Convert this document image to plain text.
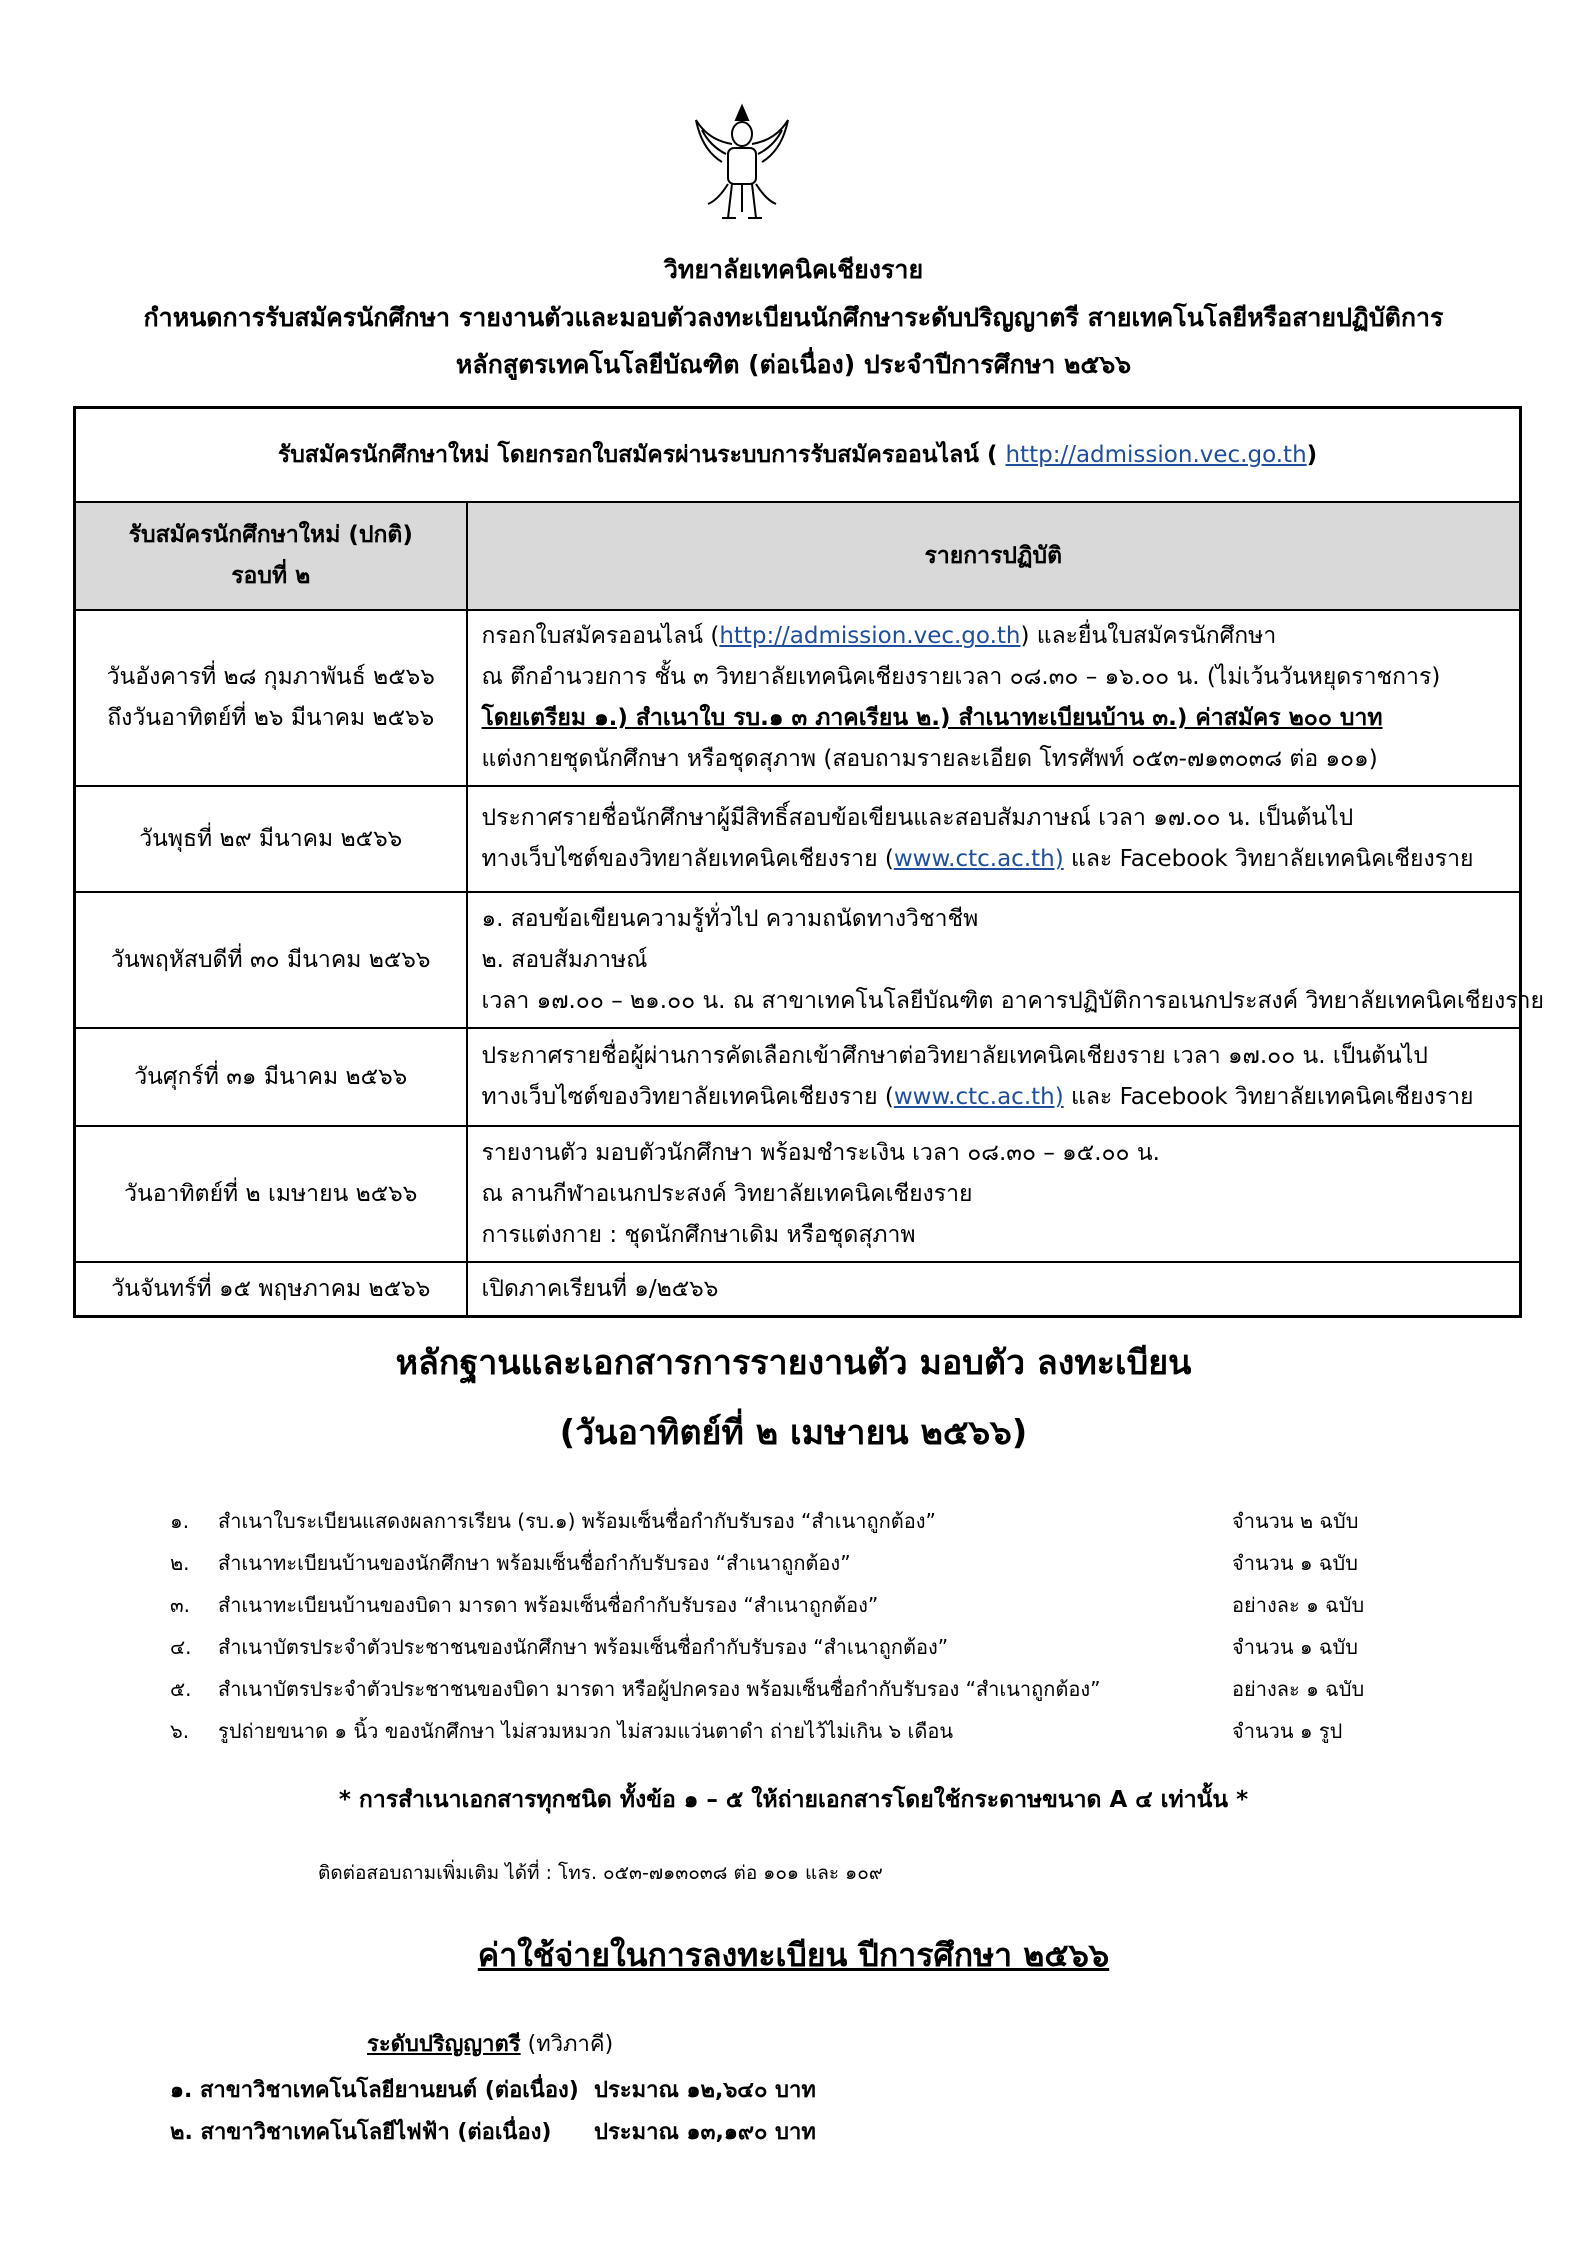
วิทยาลัยเทคนิคเชียงราย
กำหนดการรับสมัครนักศึกษา รายงานตัวและมอบตัวลงทะเบียนนักศึกษาระดับปริญญาตรี สายเทคโนโลยีหรือสายปฏิบัติการ
หลักสูตรเทคโนโลยีบัณฑิต (ต่อเนื่อง) ประจำปีการศึกษา ๒๕๖๖
รับสมัครนักศึกษาใหม่ โดยกรอกใบสมัครผ่านระบบการรับสมัครออนไลน์ ( http://admission.vec.go.th)	

รับสมัครนักศึกษาใหม่ (ปกติ)
รอบที่ ๒	รายการปฏิบัติ

วันอังคารที่ ๒๘ กุมภาพันธ์ ๒๕๖๖
ถึงวันอาทิตย์ที่ ๒๖ มีนาคม ๒๕๖๖	กรอกใบสมัครออนไลน์ (http://admission.vec.go.th) และยื่นใบสมัครนักศึกษา
ณ ตึกอำนวยการ ชั้น ๓ วิทยาลัยเทคนิคเชียงรายเวลา ๐๘.๓๐ – ๑๖.๐๐ น. (ไม่เว้นวันหยุดราชการ)
โดยเตรียม ๑.) สำเนาใบ รบ.๑ ๓ ภาคเรียน ๒.) สำเนาทะเบียนบ้าน ๓.) ค่าสมัคร ๒๐๐ บาท
แต่งกายชุดนักศึกษา หรือชุดสุภาพ (สอบถามรายละเอียด โทรศัพท์ ๐๕๓-๗๑๓๐๓๘ ต่อ ๑๐๑)

วันพุธที่ ๒๙ มีนาคม ๒๕๖๖	ประกาศรายชื่อนักศึกษาผู้มีสิทธิ์สอบข้อเขียนและสอบสัมภาษณ์ เวลา ๑๗.๐๐ น. เป็นต้นไป
ทางเว็บไซต์ของวิทยาลัยเทคนิคเชียงราย (www.ctc.ac.th) และ Facebook วิทยาลัยเทคนิคเชียงราย

วันพฤหัสบดีที่ ๓๐ มีนาคม ๒๕๖๖	๑. สอบข้อเขียนความรู้ทั่วไป ความถนัดทางวิชาชีพ
๒. สอบสัมภาษณ์
เวลา ๑๗.๐๐ – ๒๑.๐๐ น. ณ สาขาเทคโนโลยีบัณฑิต อาคารปฏิบัติการอเนกประสงค์ วิทยาลัยเทคนิคเชียงราย

วันศุกร์ที่ ๓๑ มีนาคม ๒๕๖๖	ประกาศรายชื่อผู้ผ่านการคัดเลือกเข้าศึกษาต่อวิทยาลัยเทคนิคเชียงราย เวลา ๑๗.๐๐ น. เป็นต้นไป
ทางเว็บไซต์ของวิทยาลัยเทคนิคเชียงราย (www.ctc.ac.th) และ Facebook วิทยาลัยเทคนิคเชียงราย

วันอาทิตย์ที่ ๒ เมษายน ๒๕๖๖	รายงานตัว มอบตัวนักศึกษา พร้อมชำระเงิน เวลา ๐๘.๓๐ – ๑๕.๐๐ น.
ณ ลานกีฬาอเนกประสงค์ วิทยาลัยเทคนิคเชียงราย
การแต่งกาย : ชุดนักศึกษาเดิม หรือชุดสุภาพ

วันจันทร์ที่ ๑๕ พฤษภาคม ๒๕๖๖	เปิดภาคเรียนที่ ๑/๒๕๖๖
หลักฐานและเอกสารการรายงานตัว มอบตัว ลงทะเบียน
(วันอาทิตย์ที่ ๒ เมษายน ๒๕๖๖)
๑. สำเนาใบระเบียนแสดงผลการเรียน (รบ.๑) พร้อมเซ็นชื่อกำกับรับรอง “สำเนาถูกต้อง”	จำนวน ๒ ฉบับ
๒. สำเนาทะเบียนบ้านของนักศึกษา พร้อมเซ็นชื่อกำกับรับรอง “สำเนาถูกต้อง”	จำนวน ๑ ฉบับ
๓. สำเนาทะเบียนบ้านของบิดา มารดา พร้อมเซ็นชื่อกำกับรับรอง “สำเนาถูกต้อง”	อย่างละ ๑ ฉบับ
๔. สำเนาบัตรประจำตัวประชาชนของนักศึกษา พร้อมเซ็นชื่อกำกับรับรอง “สำเนาถูกต้อง”	จำนวน ๑ ฉบับ
๕. สำเนาบัตรประจำตัวประชาชนของบิดา มารดา หรือผู้ปกครอง พร้อมเซ็นชื่อกำกับรับรอง “สำเนาถูกต้อง”	อย่างละ ๑ ฉบับ
๖. รูปถ่ายขนาด ๑ นิ้ว ของนักศึกษา ไม่สวมหมวก ไม่สวมแว่นตาดำ ถ่ายไว้ไม่เกิน ๖ เดือน	จำนวน ๑ รูป
* การสำเนาเอกสารทุกชนิด ทั้งข้อ ๑ – ๕ ให้ถ่ายเอกสารโดยใช้กระดาษขนาด A ๔ เท่านั้น *
ติดต่อสอบถามเพิ่มเติม ได้ที่ : โทร. ๐๕๓-๗๑๓๐๓๘ ต่อ ๑๐๑ และ ๑๐๙
ค่าใช้จ่ายในการลงทะเบียน ปีการศึกษา ๒๕๖๖
ระดับปริญญาตรี (ทวิภาคี)
๑. สาขาวิชาเทคโนโลยียานยนต์ (ต่อเนื่อง) ประมาณ ๑๒,๖๔๐ บาท
๒. สาขาวิชาเทคโนโลยีไฟฟ้า (ต่อเนื่อง) ประมาณ ๑๓,๑๙๐ บาท
